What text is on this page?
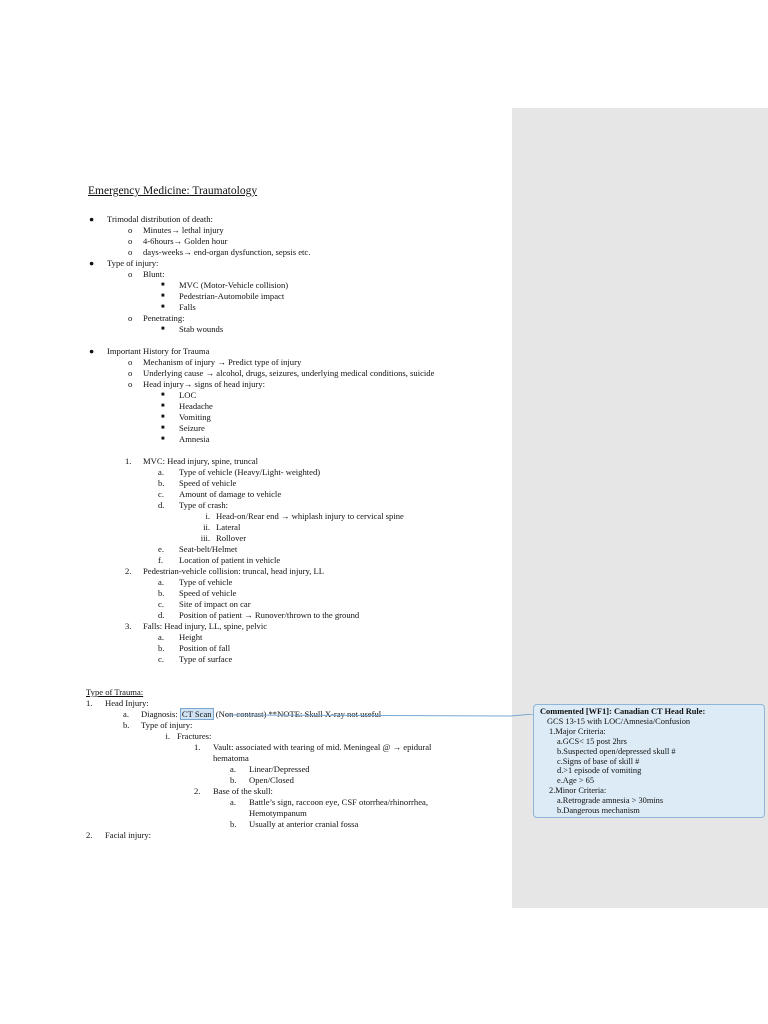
Emergency Medicine: Traumatology
● Trimodal distribution of death:
o Minutes→ lethal injury
o 4-6hours→ Golden hour
o days-weeks→ end-organ dysfunction, sepsis etc.
● Type of injury:
o Blunt:
■ MVC (Motor-Vehicle collision)
■ Pedestrian-Automobile impact
■ Falls
o Penetrating:
■ Stab wounds
● Important History for Trauma
o Mechanism of injury → Predict type of injury
o Underlying cause → alcohol, drugs, seizures, underlying medical conditions, suicide
o Head injury→ signs of head injury:
■ LOC
■ Headache
■ Vomiting
■ Seizure
■ Amnesia
1. MVC: Head injury, spine, truncal
a. Type of vehicle (Heavy/Light- weighted)
b. Speed of vehicle
c. Amount of damage to vehicle
d. Type of crash:
i. Head-on/Rear end → whiplash injury to cervical spine
ii. Lateral
iii. Rollover
e. Seat-belt/Helmet
f. Location of patient in vehicle
2. Pedestrian-vehicle collision: truncal, head injury, LL
a. Type of vehicle
b. Speed of vehicle
c. Site of impact on car
d. Position of patient → Runover/thrown to the ground
3. Falls: Head injury, LL, spine, pelvic
a. Height
b. Position of fall
c. Type of surface
Type of Trauma:
1. Head Injury:
a. Diagnosis: CT Scan (Non-contrast) **NOTE: Skull X-ray not useful
b. Type of injury:
i. Fractures:
1. Vault: associated with tearing of mid. Meningeal @ → epidural
hematoma
a. Linear/Depressed
b. Open/Closed
2. Base of the skull:
a. Battle’s sign, raccoon eye, CSF otorrhea/rhinorrhea,
Hemotympanum
b. Usually at anterior cranial fossa
2. Facial injury:
Commented [WF1]: Canadian CT Head Rule:
GCS 13-15 with LOC/Amnesia/Confusion
1.Major Criteria:
a.GCS< 15 post 2hrs
b.Suspected open/depressed skull #
c.Signs of base of skill #
d.>1 episode of vomiting
e.Age > 65
2.Minor Criteria:
a.Retrograde amnesia > 30mins
b.Dangerous mechanism
